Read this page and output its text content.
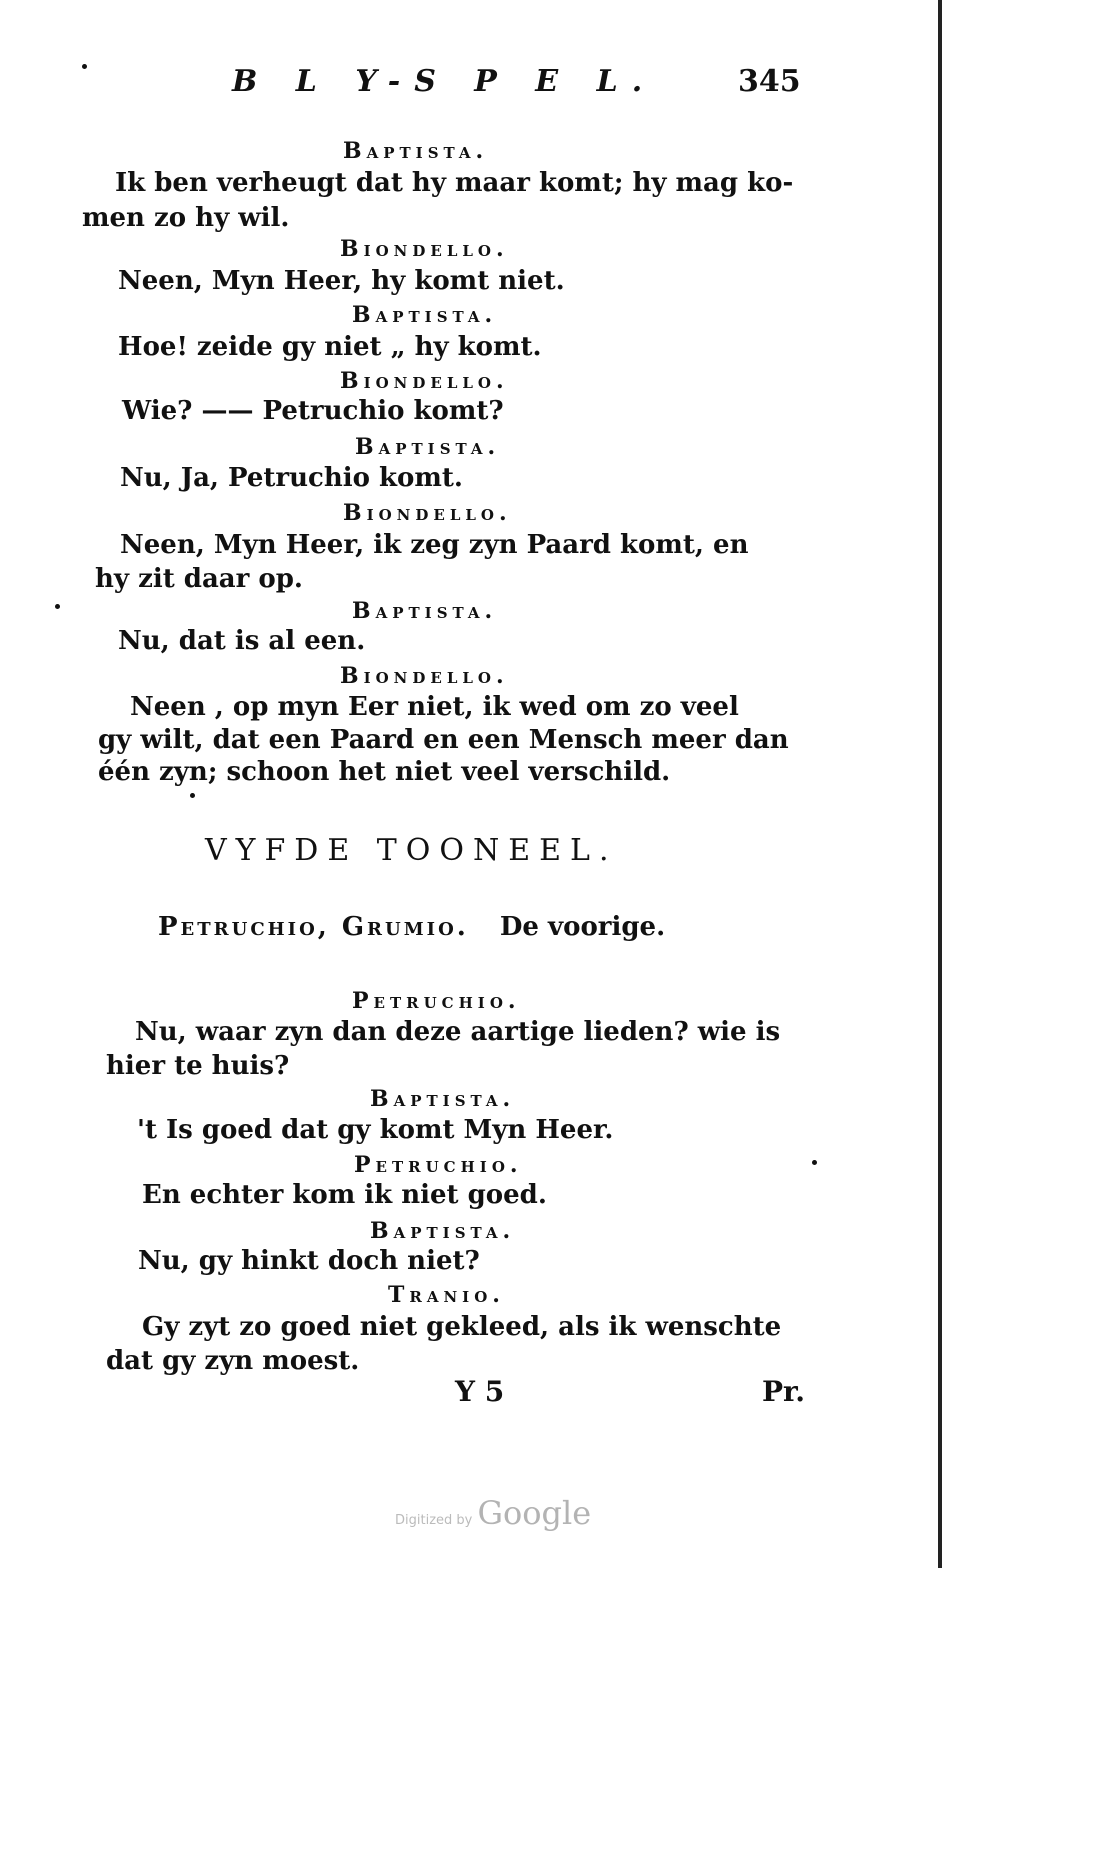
B L Y-S P E L.	345
Baptista.
Ik ben verheugt dat hy maar komt; hy mag ko-
men zo hy wil.
Biondello.
Neen, Myn Heer, hy komt niet.
Baptista.
Hoe! zeide gy niet „ hy komt.
Biondello.
Wie? —— Petruchio komt?
Baptista.
Nu, Ja, Petruchio komt.
Biondello.
Neen, Myn Heer, ik zeg zyn Paard komt, en
hy zit daar op.
Baptista.
Nu, dat is al een.
Biondello.
Neen , op myn Eer niet, ik wed om zo veel
gy wilt, dat een Paard en een Mensch meer dan
één zyn; schoon het niet veel verschild.
VYFDE TOONEEL.
Petruchio, Grumio. De voorige.
Petruchio.
Nu, waar zyn dan deze aartige lieden? wie is
hier te huis?
Baptista.
't Is goed dat gy komt Myn Heer.
Petruchio.
En echter kom ik niet goed.
Baptista.
Nu, gy hinkt doch niet?
Tranio.
Gy zyt zo goed niet gekleed, als ik wenschte
dat gy zyn moest.
Y 5	Pr.
Digitized by Google
